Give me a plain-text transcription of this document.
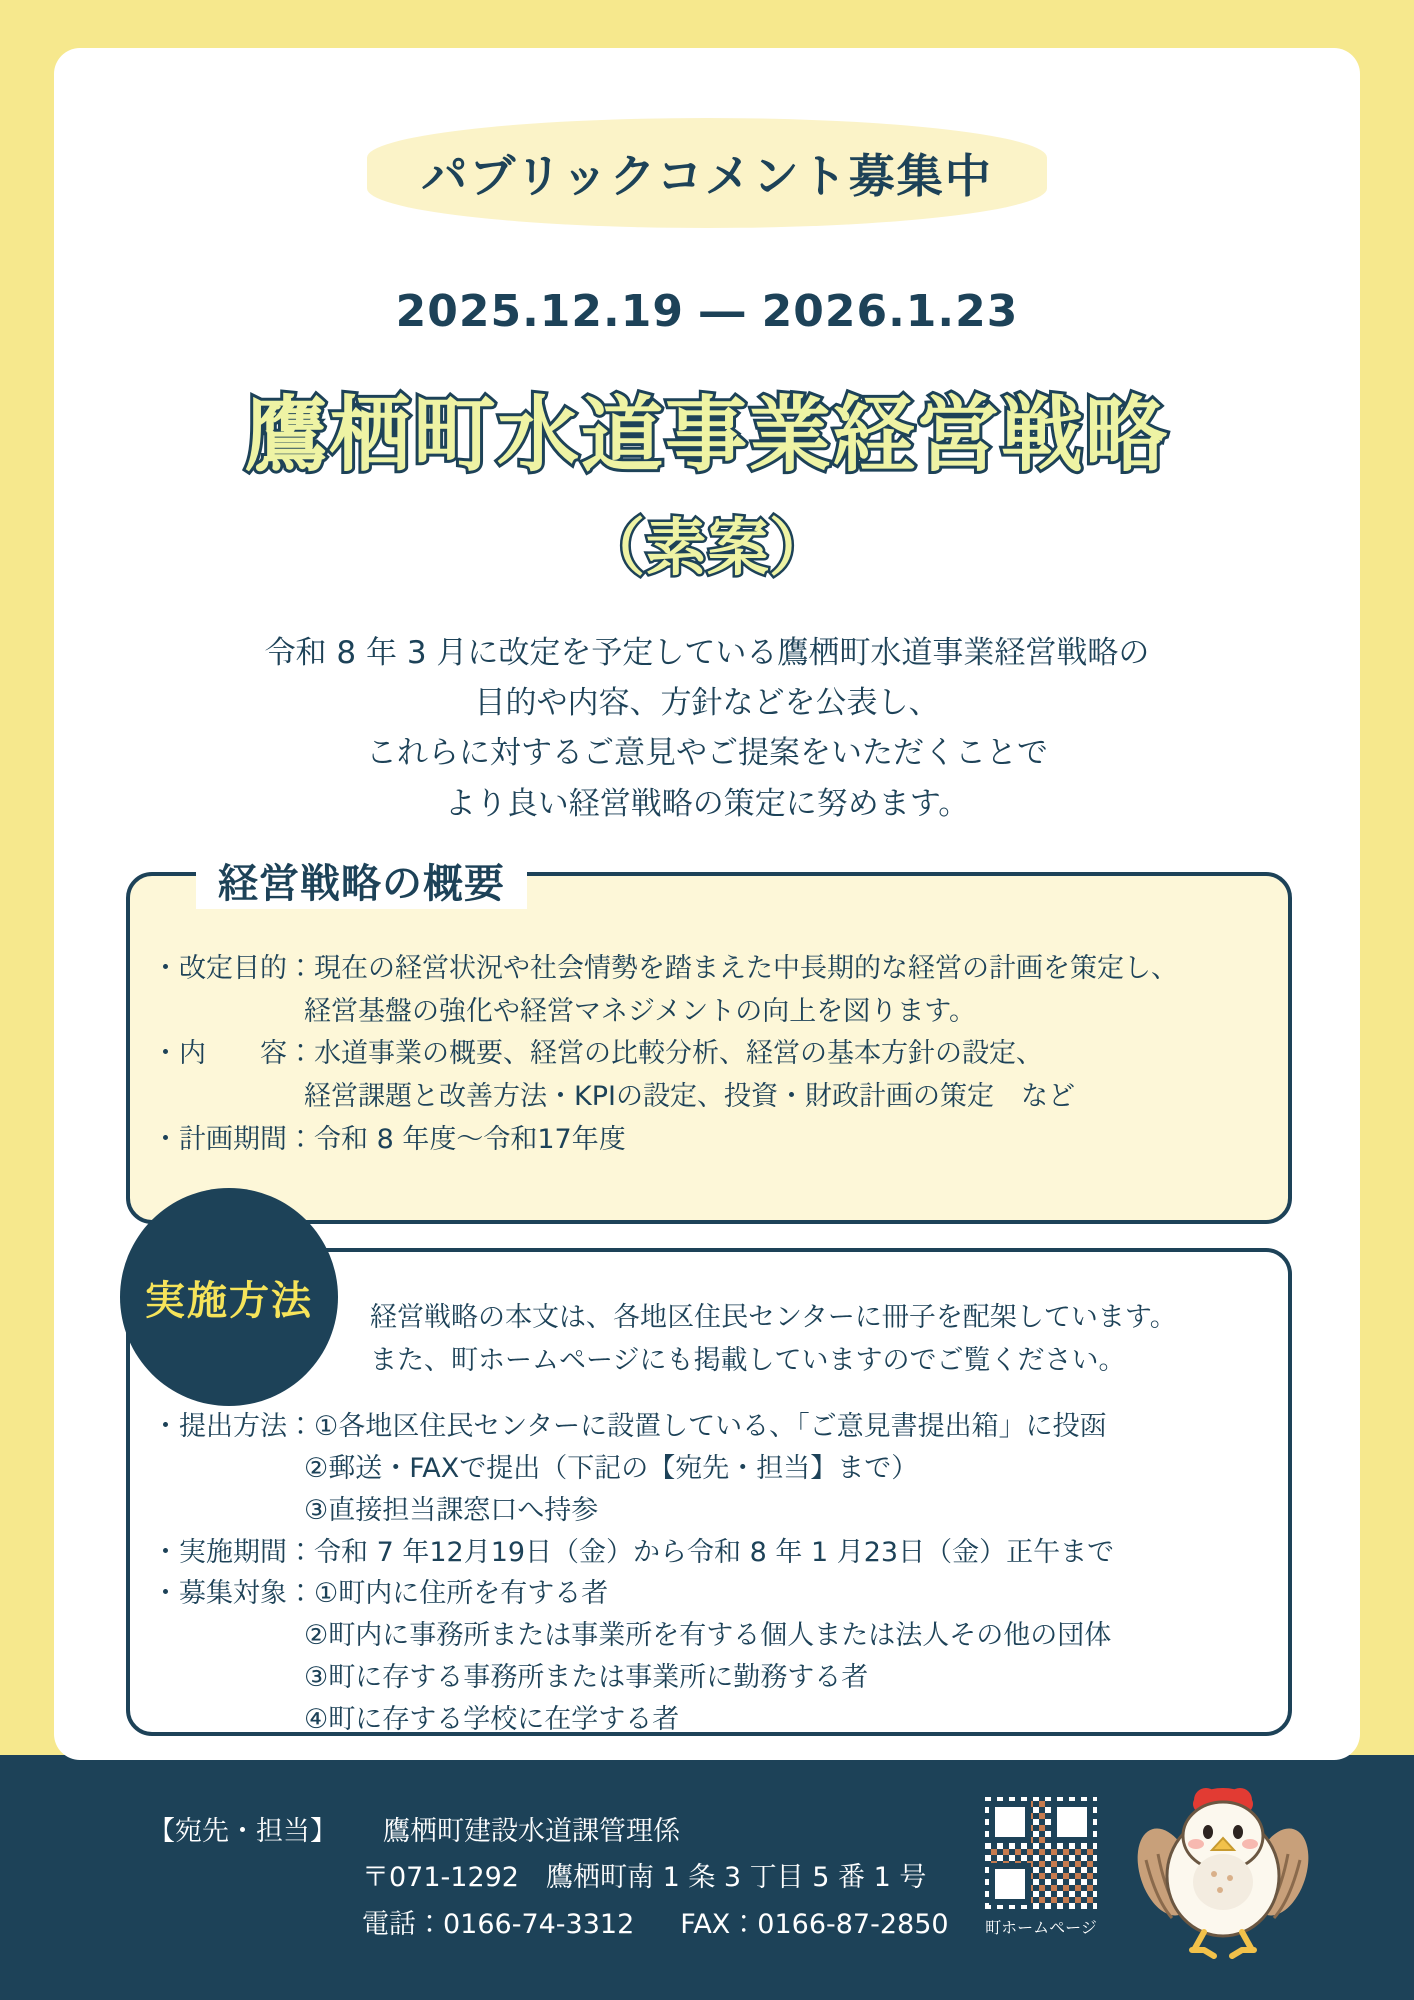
パブリックコメント募集中
2025.12.19 ― 2026.1.23
鷹栖町水道事業経営戦略
（素案）
令和 8 年 3 月に改定を予定している鷹栖町水道事業経営戦略の
目的や内容、方針などを公表し、
これらに対するご意見やご提案をいただくことで
より良い経営戦略の策定に努めます。
経営戦略の概要
・改定目的： 現在の経営状況や社会情勢を踏まえた中長期的な経営の計画を策定し、
経営基盤の強化や経営マネジメントの向上を図ります。
・内　　容： 水道事業の概要、経営の比較分析、経営の基本方針の設定、
経営課題と改善方法・KPIの設定、投資・財政計画の策定　など
・計画期間： 令和 8 年度〜令和17年度
実施方法	経営戦略の本文は、各地区住民センターに冊子を配架しています。
また、町ホームページにも掲載していますのでご覧ください。
・提出方法： ①各地区住民センターに設置している、「ご意見書提出箱」に投函
②郵送・FAXで提出（下記の【宛先・担当】まで）
③直接担当課窓口へ持参
・実施期間： 令和 7 年12月19日（金）から令和 8 年 1 月23日（金）正午まで
・募集対象： ①町内に住所を有する者
②町内に事務所または事業所を有する個人または法人その他の団体
③町に存する事務所または事業所に勤務する者
④町に存する学校に在学する者
【宛先・担当】 鷹栖町建設水道課管理係
〒071-1292　鷹栖町南 1 条 3 丁目 5 番 1 号
電話：0166-74-3312 FAX：0166-87-2850	町ホームページ
